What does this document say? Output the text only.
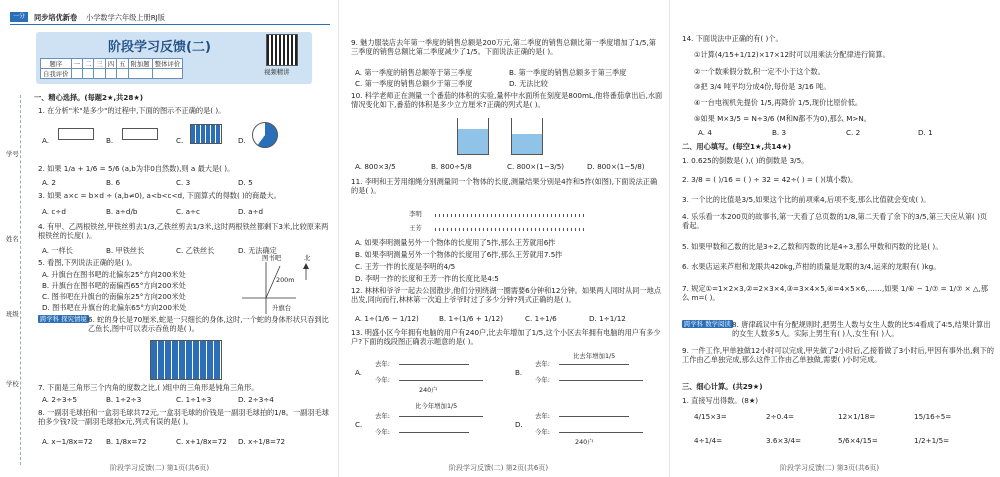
一分	同步培优新卷 小学数学六年级上册RJ版
阶段学习反馈(二)
视频精讲
题序	一	二	三	四	五	附加题	整体评价
自我评价							
学号
姓名
班级
学校
一、精心选择。(每题2★,共28★)
1. 在分析"米"是多少"的过程中,下面的图示不正确的是( )。
A.	B.	C.	D.
2. 如果 1/a + 1/6 = 5/6 (a,b为非0自然数),则 a 最大是( )。
A. 2	B. 6	C. 3	D. 5
3. 如果 a×c = b×d ÷ (a,b≠0), a<b<c<d, 下面算式的得数( )的商最大。
A. c÷d	B. a÷d/b	C. a÷c	D. a÷d
4. 有甲、乙两根铁丝,甲铁丝剪去1/3,乙铁丝剪去1/3米,这时两根铁丝都剩下3米,比较原来两根铁丝的长度( )。
A. 一样长	B. 甲铁丝长	C. 乙铁丝长	D. 无法确定
5. 看图,下列说法正确的是( )。
A. 升旗台在图书吧的北偏东25°方向200米处
B. 升旗台在图书吧的南偏西65°方向200米处
C. 图书吧在升旗台的南偏东25°方向200米处
D. 图书吧在升旗台的北偏东65°方向200米处
图书吧
200m
升旗台
北
跨学科 探究情境 6. 蛇的身长是70厘米,蛇是一只细长的身体,这时,一个蛇的身体形状只吞到比乙鱼长,图中可以表示吞鱼的是( )。
7. 下面是三角形三个内角的度数之比,( )组中的三角形是钝角三角形。
A. 2÷3÷5	B. 1÷2÷3	C. 1÷1÷3	D. 2÷3÷4
8. 一副羽毛球拍和一盒羽毛球共72元,一盒羽毛球的价钱是一副羽毛球拍的1/8。一副羽毛球拍多少钱?设一副羽毛球拍x元,列式有误的是( )。
A. x−1/8x=72 B. 1/8x=72	C. x+1/8x=72 D. x÷1/8=72
阶段学习反馈(二) 第1页(共6页)
9. 魅力服装店去年第一季度的销售总额是200万元,第二季度的销售总额比第一季度增加了1/5,第三季度的销售总额比第二季度减少了1/5。下面说法正确的是( )。
A. 第一季度的销售总额等于第三季度	B. 第一季度的销售总额多于第三季度
C. 第一季度的销售总额少于第三季度	D. 无法比较
10. 科学老师正在测量一个番茄的体积的实验,量杯中水面所在刻度是800mL,他将番茄拿出后,水面情况变化如下,番茄的体积是多少立方厘米?正确的列式是( )。
A. 800×3/5	B. 800÷5/8	C. 800×(1−3/5)	D. 800×(1−5/8)
11. 李明和王芳用细绳分别测量同一个物体的长度,测量结果分别是4拃和5拃(如图),下面说法正确的是( )。
李明
王芳
A. 如果李明测量另外一个物体的长度用了5拃,那么王芳就用6拃
B. 如果李明测量另外一个物体的长度用了6拃,那么王芳就用7.5拃
C. 王芳一拃的长度是李明的4/5
D. 李明一拃的长度和王芳一拃的长度比是4:5
12. 林林和爷爷一起去公园散步,他们分别绕湖一圈需要6分钟和12分钟。如果两人同时从同一地点出发,同向而行,林林第一次追上爷爷时过了多少分钟?列式正确的是( )。
A. 1÷(1/6 − 1/12)	B. 1÷(1/6 + 1/12)	C. 1÷1/6	D. 1÷1/12
13. 明盛小区今年拥有电脑的用户有240户,比去年增加了1/5,这个小区去年拥有电脑的用户有多少户?下面的线段图正确表示题意的是( )。
A.
去年:
今年:
240户
B.
去年:
今年:
比去年增加1/5
C.
去年:
今年:
比今年增加1/5
D.
去年:
今年:
240户
阶段学习反馈(二) 第2页(共6页)
14. 下面说法中正确的有( )个。
①计算(4/15+1/12)×17×12时可以用乘法分配律进行简算。
②一个数乘假分数,积一定不小于这个数。
③把 3/4 吨平均分成4份,每份是 3/16 吨。
④一台电视机先提价 1/5,再降价 1/5,现价比原价低。
⑤如果 M×3/5 = N÷3/6 (M和N都不为0),那么 M>N。
A. 4	B. 3	C. 2	D. 1
二、用心填写。(每空1★,共14★)
1. 0.625的倒数是( ),( )的倒数是 3/5。
2. 3/8 = ( )/16 = ( ) ÷ 32 = 42÷( ) = ( )(填小数)。
3. 一个比的比值是3/5,如果这个比的前项乘4,后项不变,那么比值就会变成( )。
4. 乐乐看一本200页的故事书,第一天看了总页数的1/8,第二天看了余下的3/5,第三天应从第( )页看起。
5. 如果甲数和乙数的比是3÷2,乙数和丙数的比是4÷3,那么甲数和丙数的比是( )。
6. 水果店运来芦柑和龙眼共420kg,芦柑的质量是龙眼的3/4,运来的龙眼有( )kg。
7. 规定①=1×2×3,②=2×3×4,③=3×4×5,④=4×5×6,……,如果 1/⑥ − 1/⑦ = 1/⑦ × △,那么 m=( )。
跨学科 数学阅读 8. 唐律疏议中有分配规则时,把男生人数与女生人数的比5∶4看成了4∶5,结果计算出的女生人数多5人。实际上男生有( )人,女生有( )人。
9. 一件工作,甲单独做12小时可以完成,甲先做了2小时后,乙接着做了3小时后,甲因有事外出,剩下的工作由乙单独完成,那么这件工作由乙单独做,需要( )小时完成。
三、细心计算。(共29★)
1. 直接写出得数。(8★)
4/15×3=	2÷0.4=	12×1/18=	15/16÷5=
4÷1/4=	3.6×3/4=	5/6×4/15=	1/2+1/5=
阶段学习反馈(二) 第3页(共6页)
